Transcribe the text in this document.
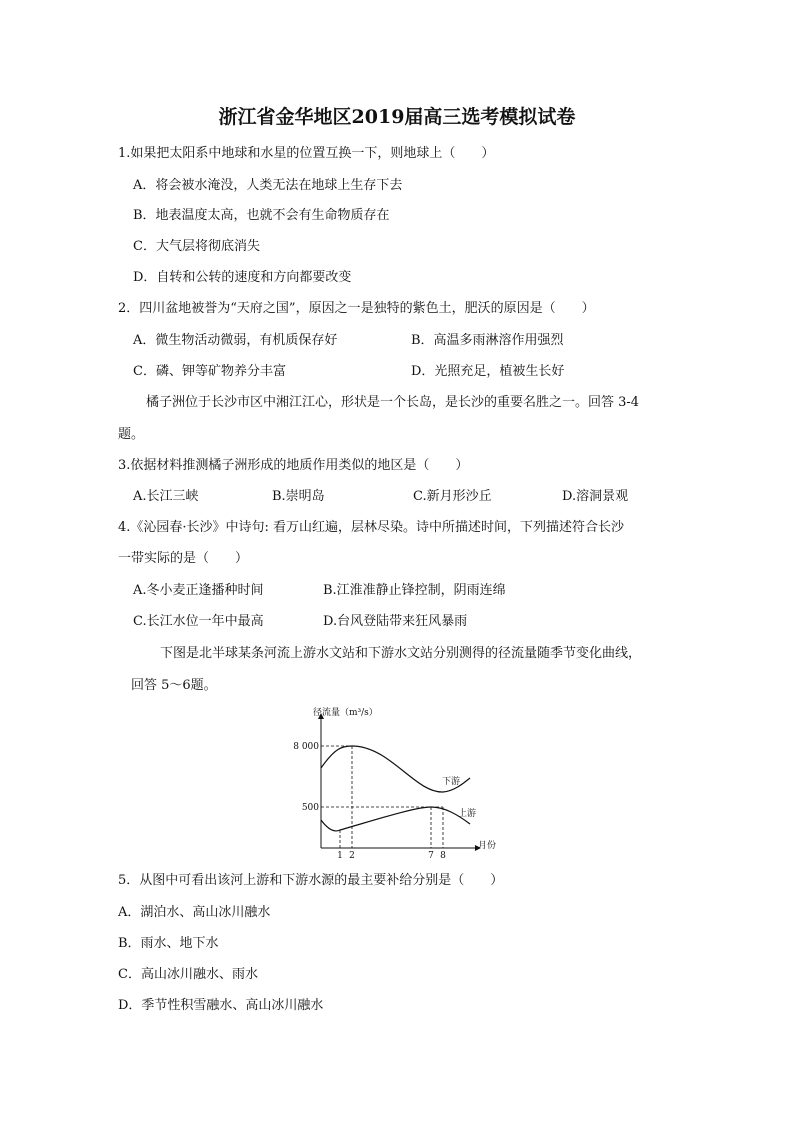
浙江省金华地区2019届高三选考模拟试卷
1.如果把太阳系中地球和水星的位置互换一下，则地球上（　　）
A．将会被水淹没，人类无法在地球上生存下去
B．地表温度太高，也就不会有生命物质存在
C．大气层将彻底消失
D．自转和公转的速度和方向都要改变
2．四川盆地被誉为“天府之国”，原因之一是独特的紫色土，肥沃的原因是（　　）
A．微生物活动微弱，有机质保存好	B．高温多雨淋溶作用强烈
C．磷、钾等矿物养分丰富	D．光照充足，植被生长好
橘子洲位于长沙市区中湘江江心，形状是一个长岛，是长沙的重要名胜之一。回答 3-4
题。
3.依据材料推测橘子洲形成的地质作用类似的地区是（　　）
A.长江三峡	B.崇明岛	C.新月形沙丘	D.溶洞景观
4.《沁园春·长沙》中诗句: 看万山红遍，层林尽染。诗中所描述时间，下列描述符合长沙
一带实际的是（　　）
A.冬小麦正逢播种时间	B.江淮准静止锋控制，阴雨连绵
C.长江水位一年中最高	D.台风登陆带来狂风暴雨
下图是北半球某条河流上游水文站和下游水文站分别测得的径流量随季节变化曲线，
回答 5～6题。
径流量（m³/s）
月份
8 000
500
1 2	7 8
下游
上游
5．从图中可看出该河上游和下游水源的最主要补给分别是（　　）
A．湖泊水、高山冰川融水
B．雨水、地下水
C．高山冰川融水、雨水
D．季节性积雪融水、高山冰川融水
